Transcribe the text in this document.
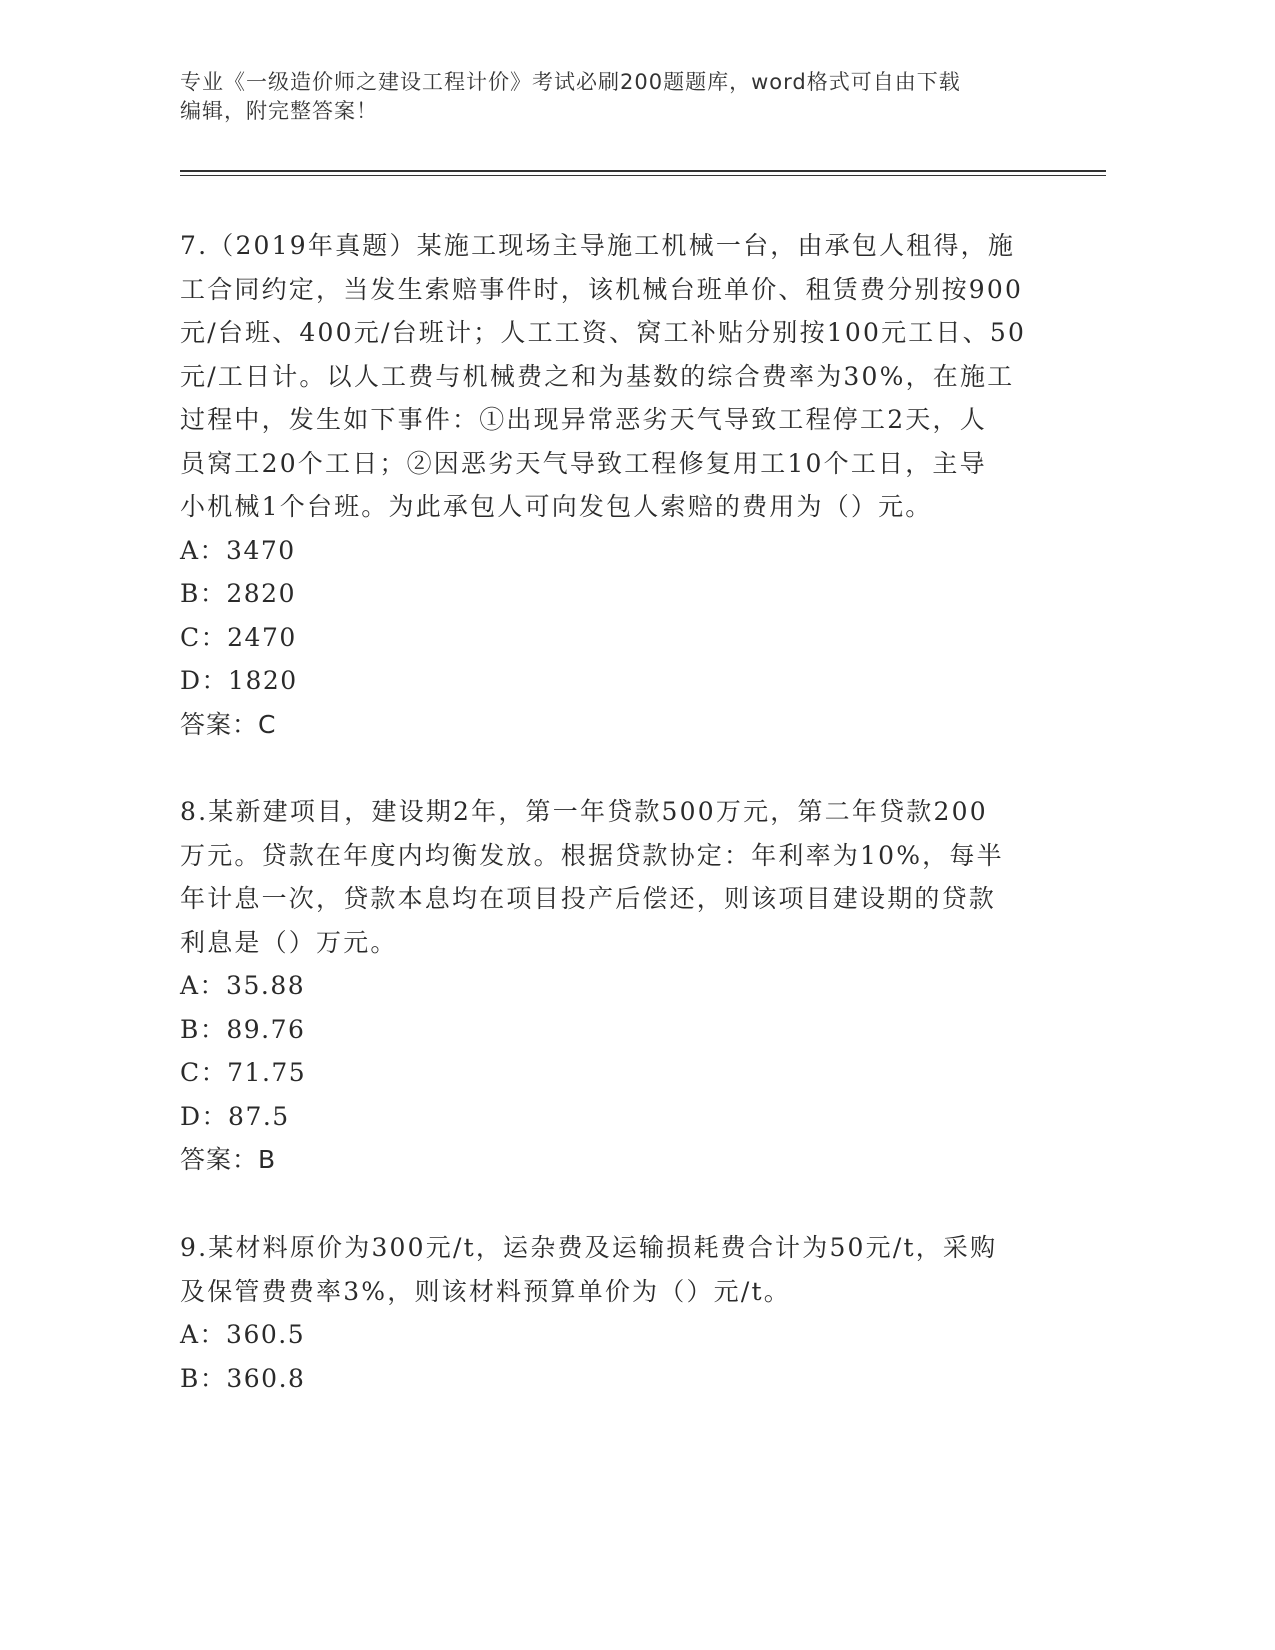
专业《一级造价师之建设工程计价》考试必刷200题题库，word格式可自由下载
编辑，附完整答案！

7.（2019年真题）某施工现场主导施工机械一台，由承包人租得，施

工合同约定，当发生索赔事件时，该机械台班单价、租赁费分别按900

元/台班、400元/台班计；人工工资、窝工补贴分别按100元工日、50

元/工日计。以人工费与机械费之和为基数的综合费率为30%，在施工

过程中，发生如下事件：①出现异常恶劣天气导致工程停工2天，人

员窝工20个工日；②因恶劣天气导致工程修复用工10个工日，主导

小机械1个台班。为此承包人可向发包人索赔的费用为（）元。

A：3470

B：2820

C：2470

D：1820

答案：C

8.某新建项目，建设期2年，第一年贷款500万元，第二年贷款200

万元。贷款在年度内均衡发放。根据贷款协定：年利率为10%，每半

年计息一次，贷款本息均在项目投产后偿还，则该项目建设期的贷款

利息是（）万元。

A：35.88

B：89.76

C：71.75

D：87.5

答案：B

9.某材料原价为300元/t，运杂费及运输损耗费合计为50元/t，采购

及保管费费率3%，则该材料预算单价为（）元/t。

A：360.5

B：360.8
